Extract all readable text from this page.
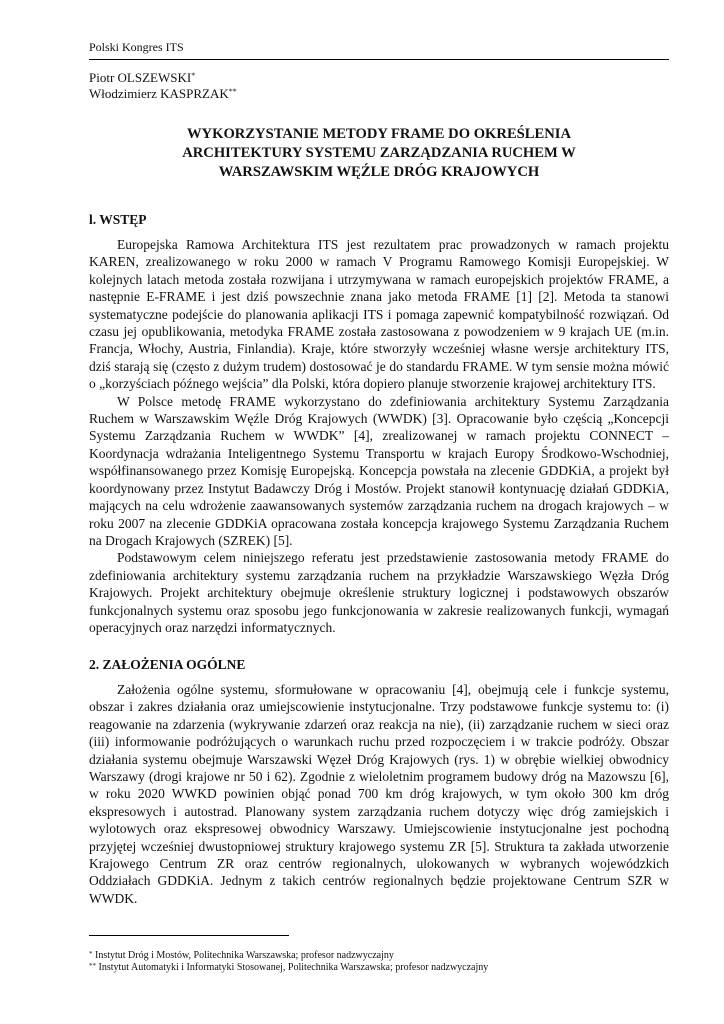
Polski Kongres ITS
Piotr OLSZEWSKI*
Włodzimierz KASPRZAK**
WYKORZYSTANIE METODY FRAME DO OKREŚLENIA
ARCHITEKTURY SYSTEMU ZARZĄDZANIA RUCHEM W
WARSZAWSKIM WĘŹLE DRÓG KRAJOWYCH
l. WSTĘP

Europejska Ramowa Architektura ITS jest rezultatem prac prowadzonych w ramach projektu KAREN, zrealizowanego w roku 2000 w ramach V Programu Ramowego Komisji Europejskiej. W kolejnych latach metoda została rozwijana i utrzymywana w ramach europejskich projektów FRAME, a następnie E-FRAME i jest dziś powszechnie znana jako metoda FRAME [1] [2]. Metoda ta stanowi systematyczne podejście do planowania aplikacji ITS i pomaga zapewnić kompatybilność rozwiązań. Od czasu jej opublikowania, metodyka FRAME została zastosowana z powodzeniem w 9 krajach UE (m.in. Francja, Włochy, Austria, Finlandia). Kraje, które stworzyły wcześniej własne wersje architektury ITS, dziś starają się (często z dużym trudem) dostosować je do standardu FRAME. W tym sensie można mówić o „korzyściach późnego wejścia” dla Polski, która dopiero planuje stworzenie krajowej architektury ITS.

W Polsce metodę FRAME wykorzystano do zdefiniowania architektury Systemu Zarządzania Ruchem w Warszawskim Węźle Dróg Krajowych (WWDK) [3]. Opracowanie było częścią „Koncepcji Systemu Zarządzania Ruchem w WWDK” [4], zrealizowanej w ramach projektu CONNECT – Koordynacja wdrażania Inteligentnego Systemu Transportu w krajach Europy Środkowo-Wschodniej, współfinansowanego przez Komisję Europejską. Koncepcja powstała na zlecenie GDDKiA, a projekt był koordynowany przez Instytut Badawczy Dróg i Mostów. Projekt stanowił kontynuację działań GDDKiA, mających na celu wdrożenie zaawansowanych systemów zarządzania ruchem na drogach krajowych – w roku 2007 na zlecenie GDDKiA opracowana została koncepcja krajowego Systemu Zarządzania Ruchem na Drogach Krajowych (SZREK) [5].

Podstawowym celem niniejszego referatu jest przedstawienie zastosowania metody FRAME do zdefiniowania architektury systemu zarządzania ruchem na przykładzie Warszawskiego Węzła Dróg Krajowych. Projekt architektury obejmuje określenie struktury logicznej i podstawowych obszarów funkcjonalnych systemu oraz sposobu jego funkcjonowania w zakresie realizowanych funkcji, wymagań operacyjnych oraz narzędzi informatycznych.

2. ZAŁOŻENIA OGÓLNE

Założenia ogólne systemu, sformułowane w opracowaniu [4], obejmują cele i funkcje systemu, obszar i zakres działania oraz umiejscowienie instytucjonalne. Trzy podstawowe funkcje systemu to: (i) reagowanie na zdarzenia (wykrywanie zdarzeń oraz reakcja na nie), (ii) zarządzanie ruchem w sieci oraz (iii) informowanie podróżujących o warunkach ruchu przed rozpoczęciem i w trakcie podróży. Obszar działania systemu obejmuje Warszawski Węzeł Dróg Krajowych (rys. 1) w obrębie wielkiej obwodnicy Warszawy (drogi krajowe nr 50 i 62). Zgodnie z wieloletnim programem budowy dróg na Mazowszu [6], w roku 2020 WWKD powinien objąć ponad 700 km dróg krajowych, w tym około 300 km dróg ekspresowych i autostrad. Planowany system zarządzania ruchem dotyczy więc dróg zamiejskich i wylotowych oraz ekspresowej obwodnicy Warszawy. Umiejscowienie instytucjonalne jest pochodną przyjętej wcześniej dwustopniowej struktury krajowego systemu ZR [5]. Struktura ta zakłada utworzenie Krajowego Centrum ZR oraz centrów regionalnych, ulokowanych w wybranych wojewódzkich Oddziałach GDDKiA. Jednym z takich centrów regionalnych będzie projektowane Centrum SZR w WWDK.

* Instytut Dróg i Mostów, Politechnika Warszawska; profesor nadzwyczajny
** Instytut Automatyki i Informatyki Stosowanej, Politechnika Warszawska; profesor nadzwyczajny
